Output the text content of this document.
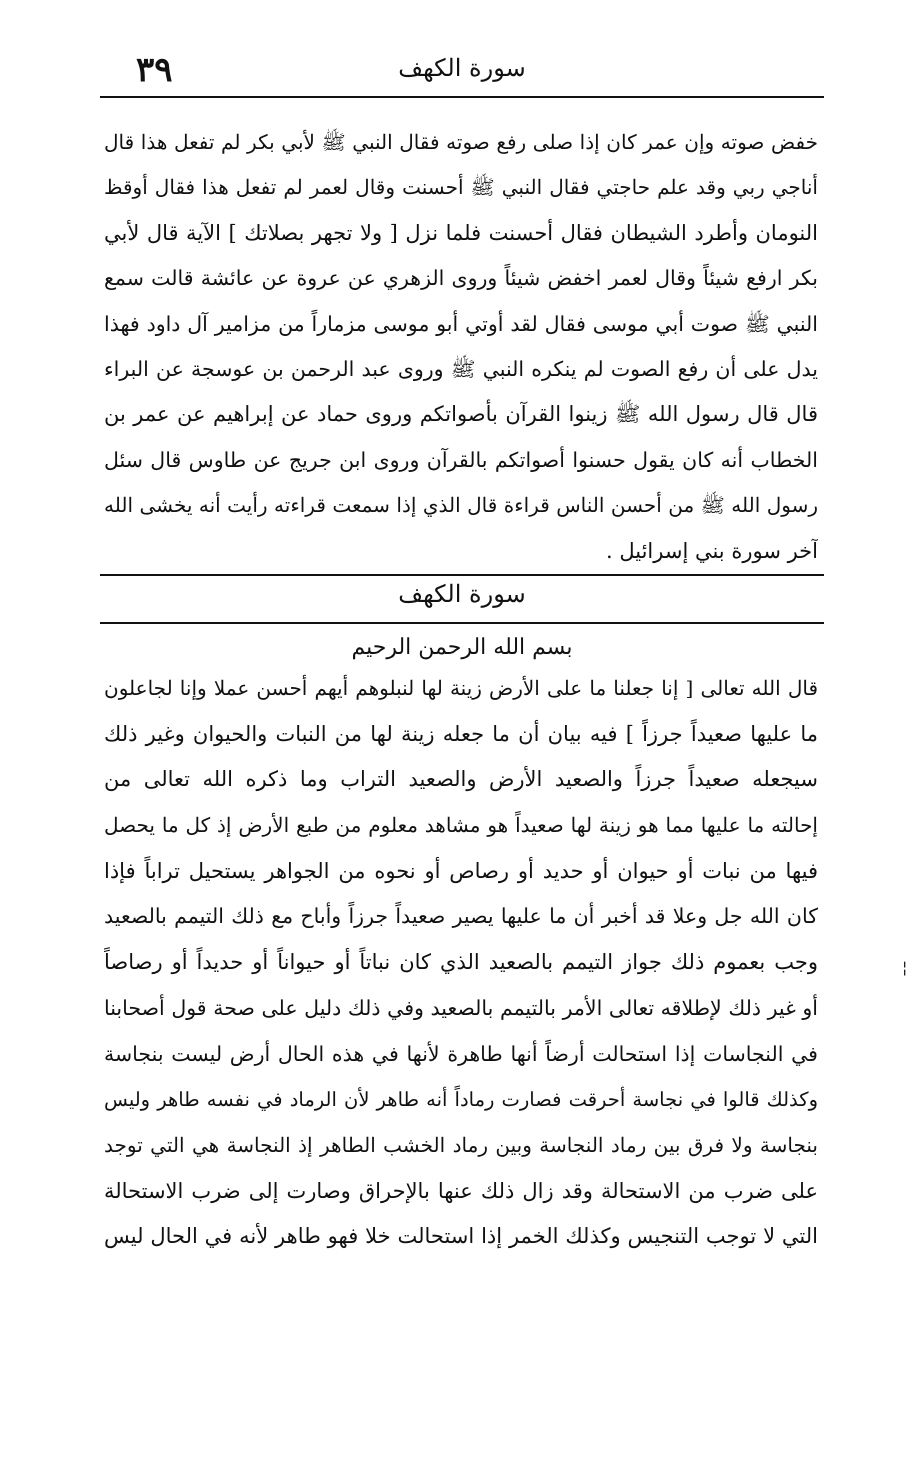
٣٩	سورة الكهف
خفض صوته وإن عمر كان إذا صلى رفع صوته فقال النبي ﷺ لأبي بكر لم تفعل هذا قال
أناجي ربي وقد علم حاجتي فقال النبي ﷺ أحسنت وقال لعمر لم تفعل هذا فقال أوقظ
النومان وأطرد الشيطان فقال أحسنت فلما نزل [ ولا تجهر بصلاتك ] الآية قال لأبي
بكر ارفع شيئاً وقال لعمر اخفض شيئاً وروى الزهري عن عروة عن عائشة قالت سمع
النبي ﷺ صوت أبي موسى فقال لقد أوتي أبو موسى مزماراً من مزامير آل داود فهذا
يدل على أن رفع الصوت لم ينكره النبي ﷺ وروى عبد الرحمن بن عوسجة عن البراء
قال قال رسول الله ﷺ زينوا القرآن بأصواتكم وروى حماد عن إبراهيم عن عمر بن
الخطاب أنه كان يقول حسنوا أصواتكم بالقرآن وروى ابن جريج عن طاوس قال سئل
رسول الله ﷺ من أحسن الناس قراءة قال الذي إذا سمعت قراءته رأيت أنه يخشى الله
آخر سورة بني إسرائيل .
سورة الكهف
بسم الله الرحمن الرحيم
قال الله تعالى [ إنا جعلنا ما على الأرض زينة لها لنبلوهم أيهم أحسن عملا وإنا لجاعلون
ما عليها صعيداً جرزاً ] فيه بيان أن ما جعله زينة لها من النبات والحيوان وغير ذلك
سيجعله صعيداً جرزاً والصعيد الأرض والصعيد التراب وما ذكره الله تعالى من
إحالته ما عليها مما هو زينة لها صعيداً هو مشاهد معلوم من طبع الأرض إذ كل ما يحصل
فيها من نبات أو حيوان أو حديد أو رصاص أو نحوه من الجواهر يستحيل تراباً فإذا
كان الله جل وعلا قد أخبر أن ما عليها يصير صعيداً جرزاً وأباح مع ذلك التيمم بالصعيد
وجب بعموم ذلك جواز التيمم بالصعيد الذي كان نباتاً أو حيواناً أو حديداً أو رصاصاً
أو غير ذلك لإطلاقه تعالى الأمر بالتيمم بالصعيد وفي ذلك دليل على صحة قول أصحابنا
في النجاسات إذا استحالت أرضاً أنها طاهرة لأنها في هذه الحال أرض ليست بنجاسة
وكذلك قالوا في نجاسة أحرقت فصارت رماداً أنه طاهر لأن الرماد في نفسه طاهر وليس
بنجاسة ولا فرق بين رماد النجاسة وبين رماد الخشب الطاهر إذ النجاسة هي التي توجد
على ضرب من الاستحالة وقد زال ذلك عنها بالإحراق وصارت إلى ضرب الاستحالة
التي لا توجب التنجيس وكذلك الخمر إذا استحالت خلا فهو طاهر لأنه في الحال ليس
¦
